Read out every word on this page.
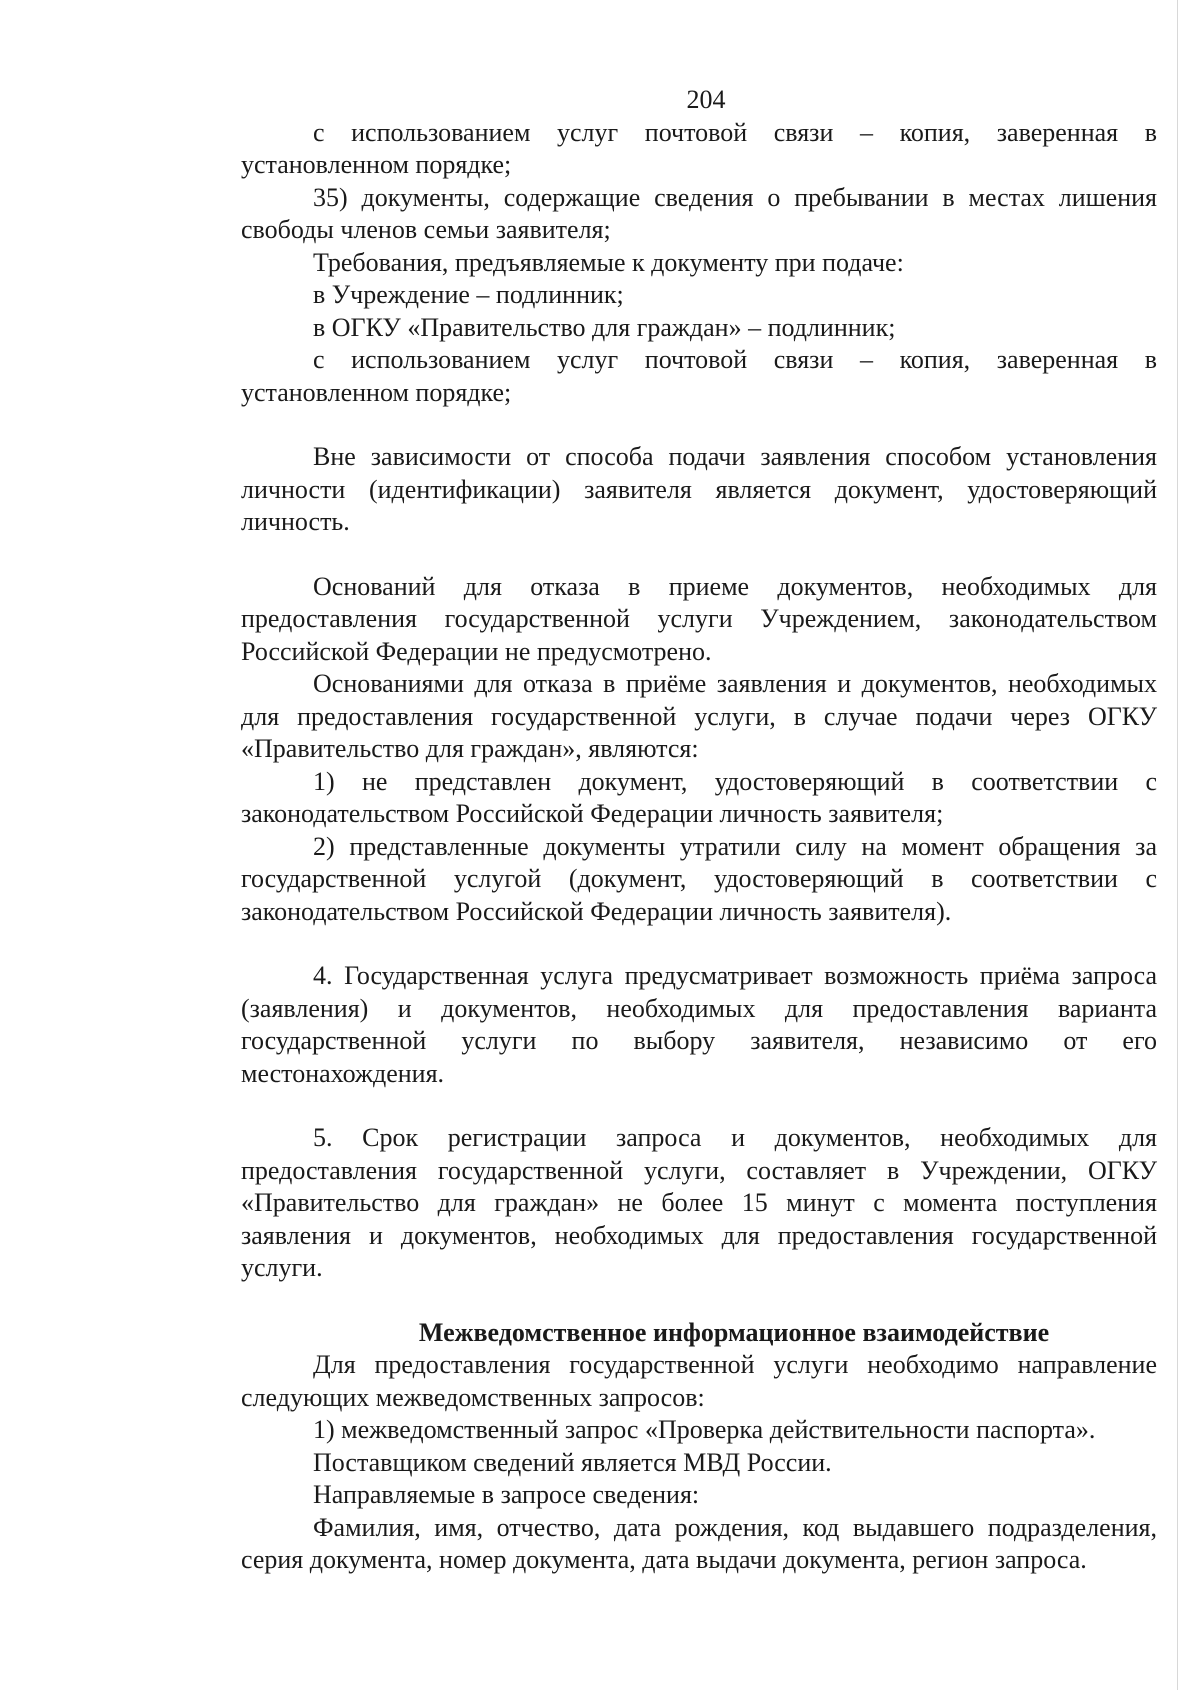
204

с использованием услуг почтовой связи – копия, заверенная в установленном порядке;

35) документы, содержащие сведения о пребывании в местах лишения свободы членов семьи заявителя;

Требования, предъявляемые к документу при подаче:

в Учреждение – подлинник;

в ОГКУ «Правительство для граждан» – подлинник;

с использованием услуг почтовой связи – копия, заверенная в установленном порядке;

Вне зависимости от способа подачи заявления способом установления личности (идентификации) заявителя является документ, удостоверяющий личность.

Оснований для отказа в приеме документов, необходимых для предоставления государственной услуги Учреждением, законодательством Российской Федерации не предусмотрено.

Основаниями для отказа в приёме заявления и документов, необходимых для предоставления государственной услуги, в случае подачи через ОГКУ «Правительство для граждан», являются:

1) не представлен документ, удостоверяющий в соответствии с законодательством Российской Федерации личность заявителя;

2) представленные документы утратили силу на момент обращения за государственной услугой (документ, удостоверяющий в соответствии с законодательством Российской Федерации личность заявителя).

4. Государственная услуга предусматривает возможность приёма запроса (заявления) и документов, необходимых для предоставления варианта государственной услуги по выбору заявителя, независимо от его местонахождения.

5. Срок регистрации запроса и документов, необходимых для предоставления государственной услуги, составляет в Учреждении, ОГКУ «Правительство для граждан» не более 15 минут с момента поступления заявления и документов, необходимых для предоставления государственной услуги.

Межведомственное информационное взаимодействие

Для предоставления государственной услуги необходимо направление следующих межведомственных запросов:

1) межведомственный запрос «Проверка действительности паспорта».

Поставщиком сведений является МВД России.

Направляемые в запросе сведения:

Фамилия, имя, отчество, дата рождения, код выдавшего подразделения, серия документа, номер документа, дата выдачи документа, регион запроса.
